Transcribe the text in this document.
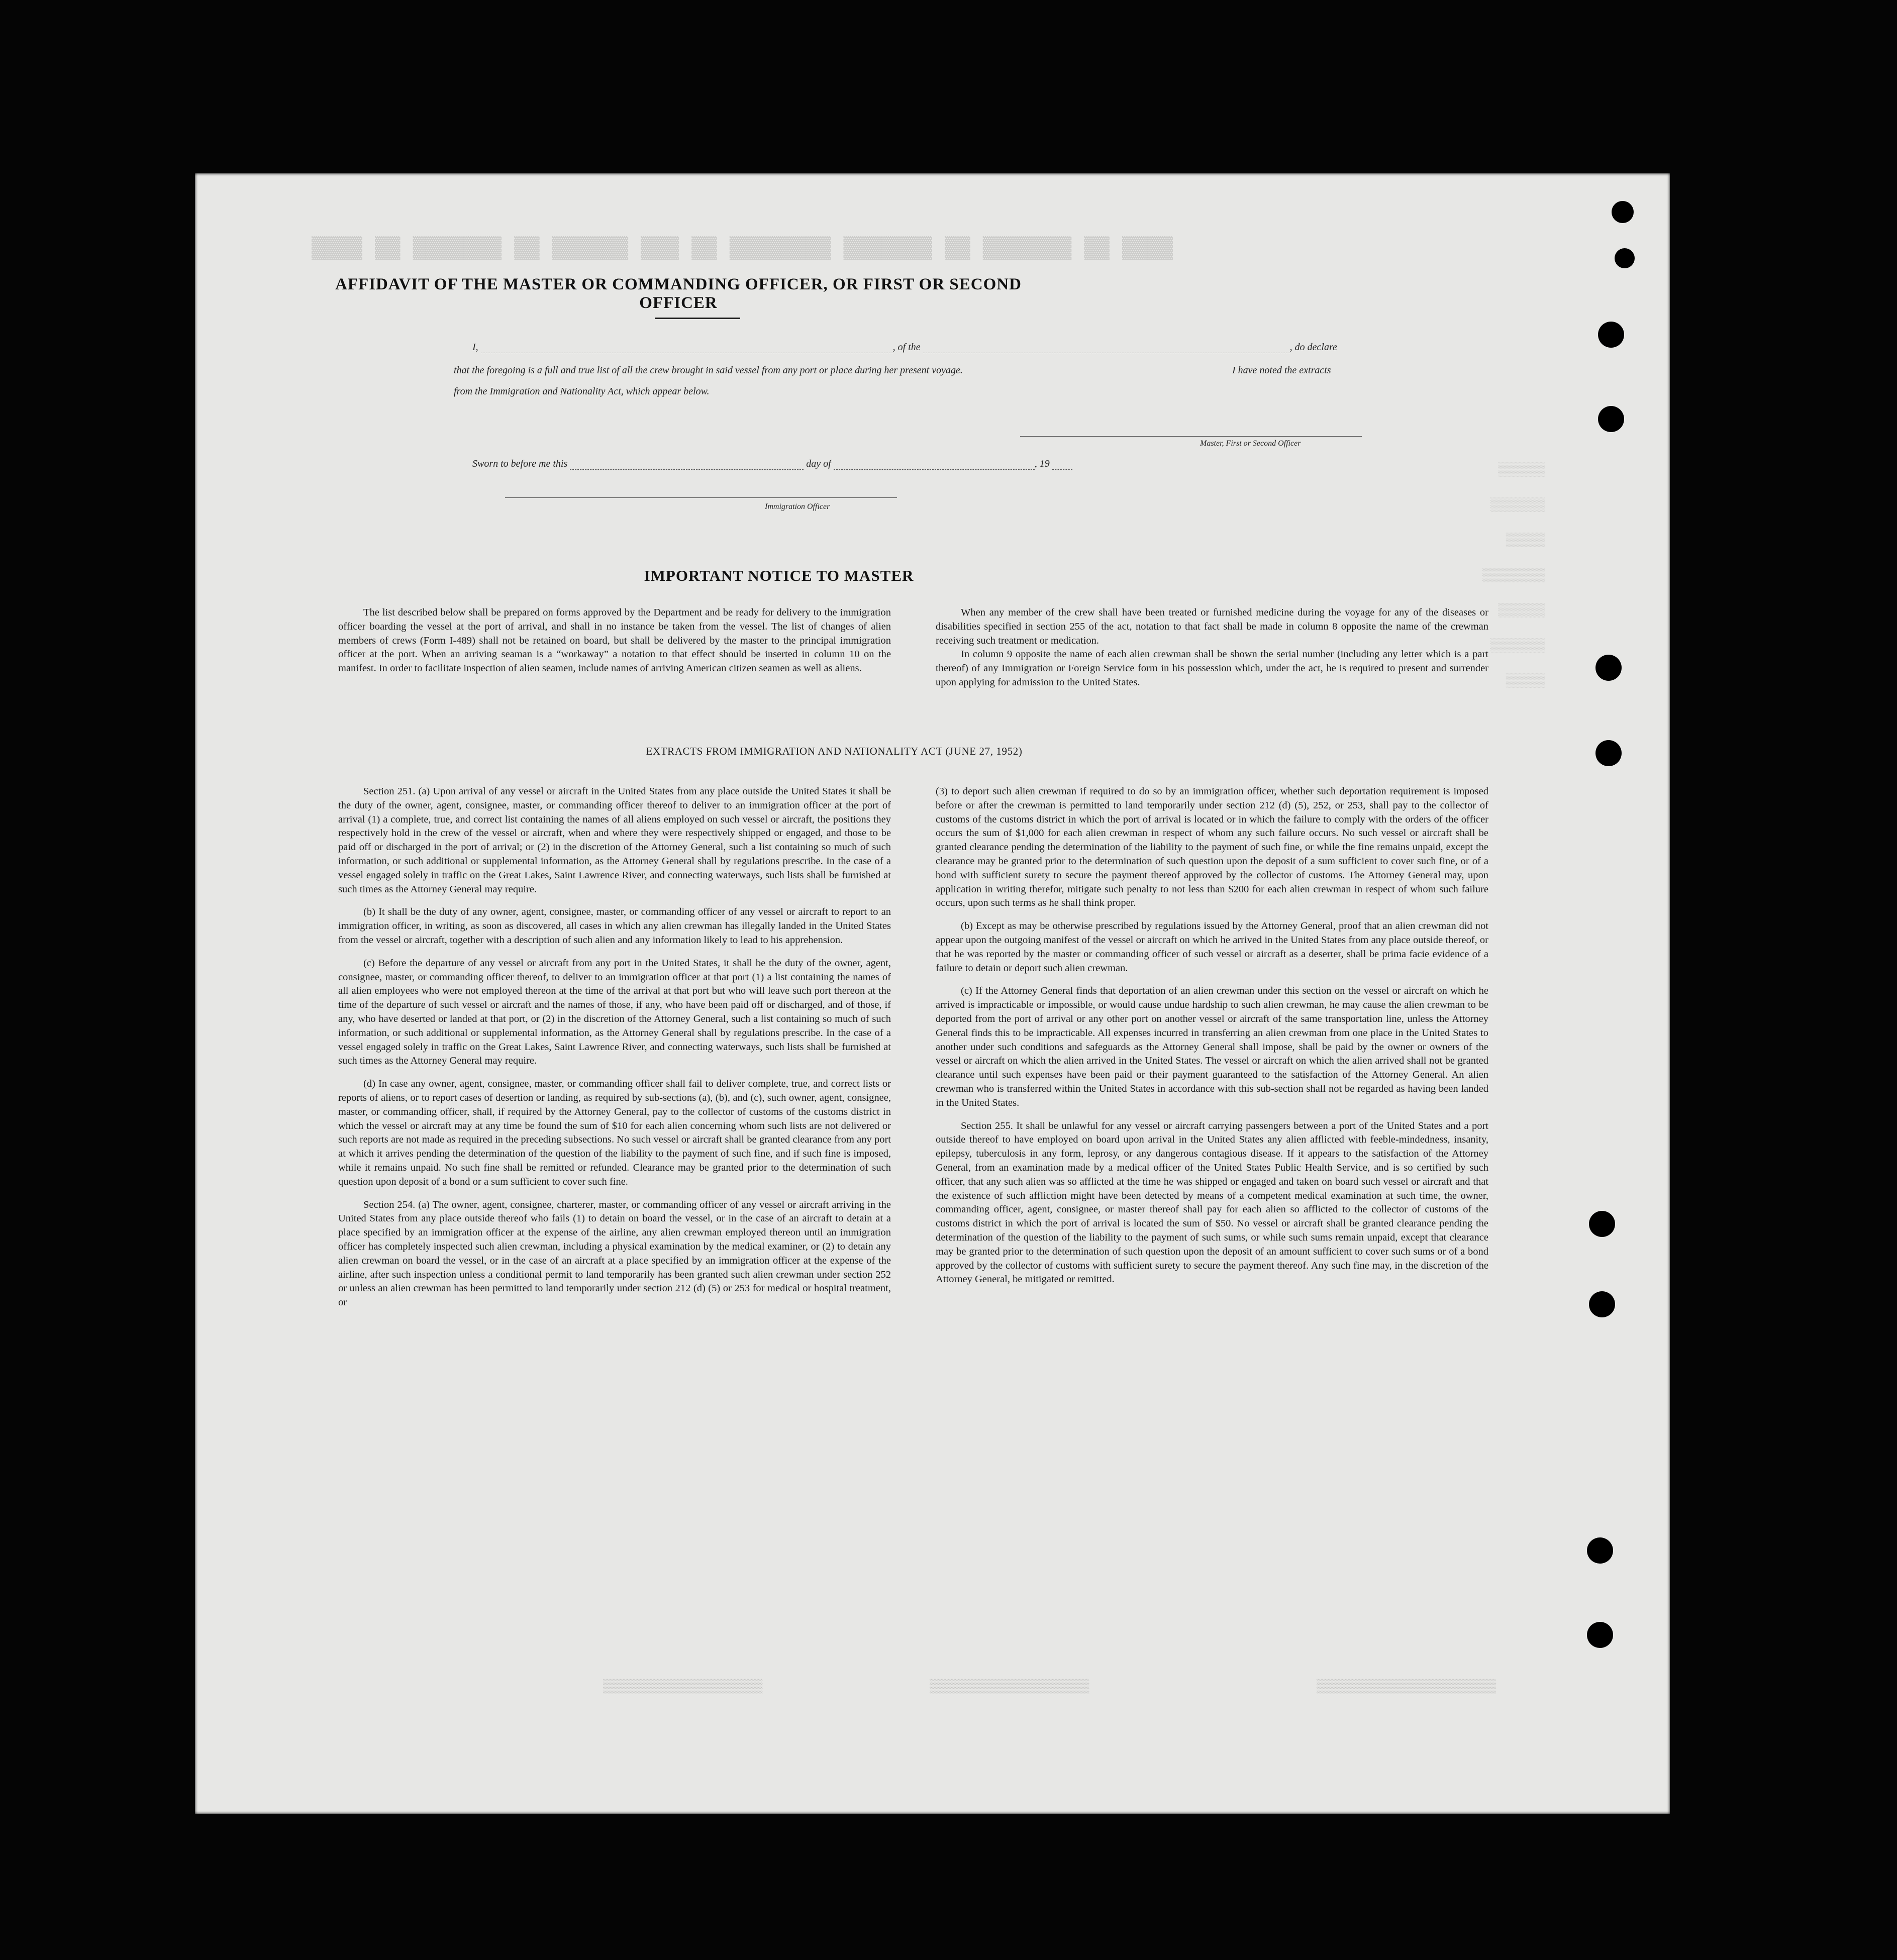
▓▓▓▓ ▓▓ ▓▓▓▓▓▓▓ ▓▓ ▓▓▓▓▓▓▓ ▓▓▓▓▓▓▓▓ ▓▓ ▓▓▓ ▓▓▓▓▓▓ ▓▓ ▓▓▓▓▓▓▓ ▓▓ ▓▓▓▓
▒▒▒▒▒▒
▒▒▒▒▒▒▒
▒▒▒▒▒
▒▒▒▒▒▒▒▒
▒▒▒▒▒▒
▒▒▒▒▒▒▒
▒▒▒▒▒
▒▒▒▒▒▒▒▒▒▒▒▒▒▒▒▒	▒▒▒▒▒▒▒▒▒▒▒▒▒▒▒▒	▒▒▒▒▒▒▒▒▒▒▒▒▒▒▒▒▒▒
AFFIDAVIT OF THE MASTER OR COMMANDING OFFICER, OR FIRST OR SECOND OFFICER
I,	, of the	, do declare
that the foregoing is a full and true list of all the crew brought in said vessel from any port or place during her present voyage.	I have noted the extracts
from the Immigration and Nationality Act, which appear below.
Master, First or Second Officer
Sworn to before me this	day of	, 19
Immigration Officer
IMPORTANT NOTICE TO MASTER

The list described below shall be prepared on forms approved by the Department and be ready for delivery to the immigration officer boarding the vessel at the port of arrival, and shall in no instance be taken from the vessel. The list of changes of alien members of crews (Form I-489) shall not be retained on board, but shall be delivered by the master to the principal immigration officer at the port. When an arriving seaman is a “workaway” a notation to that effect should be inserted in column 10 on the manifest. In order to facilitate inspection of alien seamen, include names of arriving American citizen seamen as well as aliens.

When any member of the crew shall have been treated or furnished medicine during the voyage for any of the diseases or disabilities specified in section 255 of the act, notation to that fact shall be made in column 8 opposite the name of the crewman receiving such treatment or medication.

In column 9 opposite the name of each alien crewman shall be shown the serial number (including any letter which is a part thereof) of any Immigration or Foreign Service form in his possession which, under the act, he is required to present and surrender upon applying for admission to the United States.

EXTRACTS FROM IMMIGRATION AND NATIONALITY ACT (JUNE 27, 1952)

Section 251. (a) Upon arrival of any vessel or aircraft in the United States from any place outside the United States it shall be the duty of the owner, agent, consignee, master, or commanding officer thereof to deliver to an immigration officer at the port of arrival (1) a complete, true, and correct list containing the names of all aliens employed on such vessel or aircraft, the positions they respectively hold in the crew of the vessel or aircraft, when and where they were respectively shipped or engaged, and those to be paid off or discharged in the port of arrival; or (2) in the discretion of the Attorney General, such a list containing so much of such information, or such additional or supplemental information, as the Attorney General shall by regulations prescribe. In the case of a vessel engaged solely in traffic on the Great Lakes, Saint Lawrence River, and connecting waterways, such lists shall be furnished at such times as the Attorney General may require.

(b) It shall be the duty of any owner, agent, consignee, master, or commanding officer of any vessel or aircraft to report to an immigration officer, in writing, as soon as discovered, all cases in which any alien crewman has illegally landed in the United States from the vessel or aircraft, together with a description of such alien and any information likely to lead to his apprehension.

(c) Before the departure of any vessel or aircraft from any port in the United States, it shall be the duty of the owner, agent, consignee, master, or commanding officer thereof, to deliver to an immigration officer at that port (1) a list containing the names of all alien employees who were not employed thereon at the time of the arrival at that port but who will leave such port thereon at the time of the departure of such vessel or aircraft and the names of those, if any, who have been paid off or discharged, and of those, if any, who have deserted or landed at that port, or (2) in the discretion of the Attorney General, such a list containing so much of such information, or such additional or supplemental information, as the Attorney General shall by regulations prescribe. In the case of a vessel engaged solely in traffic on the Great Lakes, Saint Lawrence River, and connecting waterways, such lists shall be furnished at such times as the Attorney General may require.

(d) In case any owner, agent, consignee, master, or commanding officer shall fail to deliver complete, true, and correct lists or reports of aliens, or to report cases of desertion or landing, as required by sub-sections (a), (b), and (c), such owner, agent, consignee, master, or commanding officer, shall, if required by the Attorney General, pay to the collector of customs of the customs district in which the vessel or aircraft may at any time be found the sum of $10 for each alien concerning whom such lists are not delivered or such reports are not made as required in the preceding subsections. No such vessel or aircraft shall be granted clearance from any port at which it arrives pending the determination of the question of the liability to the payment of such fine, and if such fine is imposed, while it remains unpaid. No such fine shall be remitted or refunded. Clearance may be granted prior to the determination of such question upon deposit of a bond or a sum sufficient to cover such fine.

Section 254. (a) The owner, agent, consignee, charterer, master, or commanding officer of any vessel or aircraft arriving in the United States from any place outside thereof who fails (1) to detain on board the vessel, or in the case of an aircraft to detain at a place specified by an immigration officer at the expense of the airline, any alien crewman employed thereon until an immigration officer has completely inspected such alien crewman, including a physical examination by the medical examiner, or (2) to detain any alien crewman on board the vessel, or in the case of an aircraft at a place specified by an immigration officer at the expense of the airline, after such inspection unless a conditional permit to land temporarily has been granted such alien crewman under section 252 or unless an alien crewman has been permitted to land temporarily under section 212 (d) (5) or 253 for medical or hospital treatment, or

(3) to deport such alien crewman if required to do so by an immigration officer, whether such deportation requirement is imposed before or after the crewman is permitted to land temporarily under section 212 (d) (5), 252, or 253, shall pay to the collector of customs of the customs district in which the port of arrival is located or in which the failure to comply with the orders of the officer occurs the sum of $1,000 for each alien crewman in respect of whom any such failure occurs. No such vessel or aircraft shall be granted clearance pending the determination of the liability to the payment of such fine, or while the fine remains unpaid, except the clearance may be granted prior to the determination of such question upon the deposit of a sum sufficient to cover such fine, or of a bond with sufficient surety to secure the payment thereof approved by the collector of customs. The Attorney General may, upon application in writing therefor, mitigate such penalty to not less than $200 for each alien crewman in respect of whom such failure occurs, upon such terms as he shall think proper.

(b) Except as may be otherwise prescribed by regulations issued by the Attorney General, proof that an alien crewman did not appear upon the outgoing manifest of the vessel or aircraft on which he arrived in the United States from any place outside thereof, or that he was reported by the master or commanding officer of such vessel or aircraft as a deserter, shall be prima facie evidence of a failure to detain or deport such alien crewman.

(c) If the Attorney General finds that deportation of an alien crewman under this section on the vessel or aircraft on which he arrived is impracticable or impossible, or would cause undue hardship to such alien crewman, he may cause the alien crewman to be deported from the port of arrival or any other port on another vessel or aircraft of the same transportation line, unless the Attorney General finds this to be impracticable. All expenses incurred in transferring an alien crewman from one place in the United States to another under such conditions and safeguards as the Attorney General shall impose, shall be paid by the owner or owners of the vessel or aircraft on which the alien arrived in the United States. The vessel or aircraft on which the alien arrived shall not be granted clearance until such expenses have been paid or their payment guaranteed to the satisfaction of the Attorney General. An alien crewman who is transferred within the United States in accordance with this sub-section shall not be regarded as having been landed in the United States.

Section 255. It shall be unlawful for any vessel or aircraft carrying passengers between a port of the United States and a port outside thereof to have employed on board upon arrival in the United States any alien afflicted with feeble-mindedness, insanity, epilepsy, tuberculosis in any form, leprosy, or any dangerous contagious disease. If it appears to the satisfaction of the Attorney General, from an examination made by a medical officer of the United States Public Health Service, and is so certified by such officer, that any such alien was so afflicted at the time he was shipped or engaged and taken on board such vessel or aircraft and that the existence of such affliction might have been detected by means of a competent medical examination at such time, the owner, commanding officer, agent, consignee, or master thereof shall pay for each alien so afflicted to the collector of customs of the customs district in which the port of arrival is located the sum of $50. No vessel or aircraft shall be granted clearance pending the determination of the question of the liability to the payment of such sums, or while such sums remain unpaid, except that clearance may be granted prior to the determination of such question upon the deposit of an amount sufficient to cover such sums or of a bond approved by the collector of customs with sufficient surety to secure the payment thereof. Any such fine may, in the discretion of the Attorney General, be mitigated or remitted.
